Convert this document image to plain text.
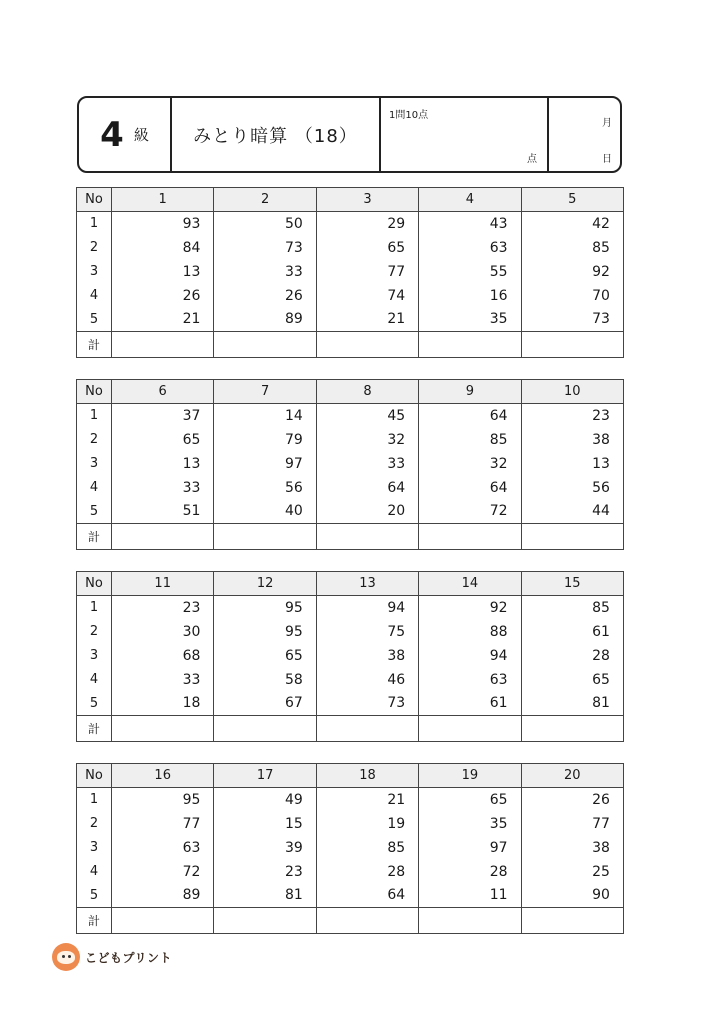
4 級	みとり暗算 （18）
1問10点
点
月
日
No	1	2	3	4	5
1	93	50	29	43	42
2	84	73	65	63	85
3	13	33	77	55	92
4	26	26	74	16	70
5	21	89	21	35	73
計					
No	6	7	8	9	10
1	37	14	45	64	23
2	65	79	32	85	38
3	13	97	33	32	13
4	33	56	64	64	56
5	51	40	20	72	44
計					
No	11	12	13	14	15
1	23	95	94	92	85
2	30	95	75	88	61
3	68	65	38	94	28
4	33	58	46	63	65
5	18	67	73	61	81
計					
No	16	17	18	19	20
1	95	49	21	65	26
2	77	15	19	35	77
3	63	39	85	97	38
4	72	23	28	28	25
5	89	81	64	11	90
計					
こどもプリント
